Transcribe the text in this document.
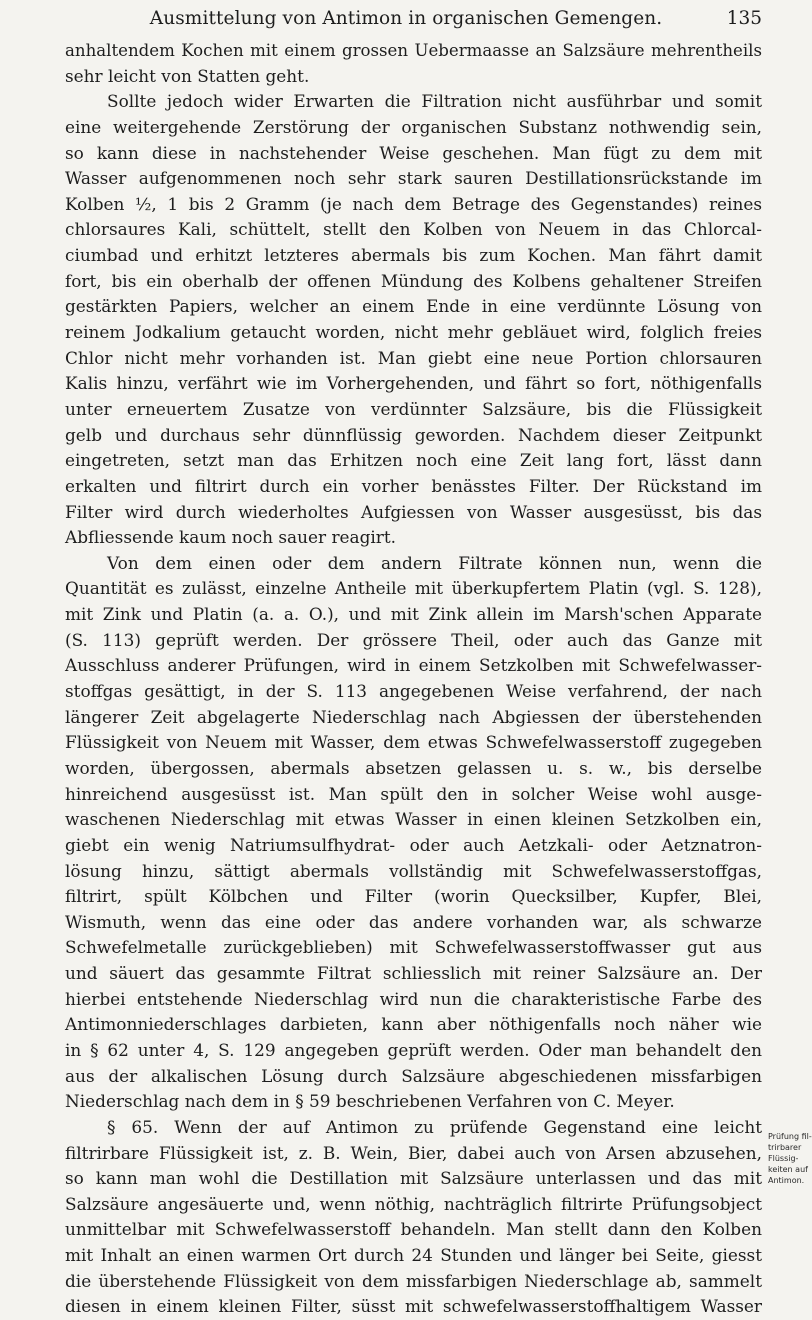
Ausmittelung von Antimon in organischen Gemengen.	135
anhaltendem Kochen mit einem grossen Uebermaasse an Salzsäure mehrentheils
sehr leicht von Statten geht.
Sollte jedoch wider Erwarten die Filtration nicht ausführbar und somit
eine weitergehende Zerstörung der organischen Substanz nothwendig sein,
so kann diese in nachstehender Weise geschehen. Man fügt zu dem mit
Wasser aufgenommenen noch sehr stark sauren Destillationsrückstande im
Kolben ½, 1 bis 2 Gramm (je nach dem Betrage des Gegenstandes) reines
chlorsaures Kali, schüttelt, stellt den Kolben von Neuem in das Chlorcal-
ciumbad und erhitzt letzteres abermals bis zum Kochen. Man fährt damit
fort, bis ein oberhalb der offenen Mündung des Kolbens gehaltener Streifen
gestärkten Papiers, welcher an einem Ende in eine verdünnte Lösung von
reinem Jodkalium getaucht worden, nicht mehr gebläuet wird, folglich freies
Chlor nicht mehr vorhanden ist. Man giebt eine neue Portion chlorsauren
Kalis hinzu, verfährt wie im Vorhergehenden, und fährt so fort, nöthigenfalls
unter erneuertem Zusatze von verdünnter Salzsäure, bis die Flüssigkeit
gelb und durchaus sehr dünnflüssig geworden. Nachdem dieser Zeitpunkt
eingetreten, setzt man das Erhitzen noch eine Zeit lang fort, lässt dann
erkalten und filtrirt durch ein vorher benässtes Filter. Der Rückstand im
Filter wird durch wiederholtes Aufgiessen von Wasser ausgesüsst, bis das
Abfliessende kaum noch sauer reagirt.
Von dem einen oder dem andern Filtrate können nun, wenn die
Quantität es zulässt, einzelne Antheile mit überkupfertem Platin (vgl. S. 128),
mit Zink und Platin (a. a. O.), und mit Zink allein im Marsh'schen Apparate
(S. 113) geprüft werden. Der grössere Theil, oder auch das Ganze mit
Ausschluss anderer Prüfungen, wird in einem Setzkolben mit Schwefelwasser-
stoffgas gesättigt, in der S. 113 angegebenen Weise verfahrend, der nach
längerer Zeit abgelagerte Niederschlag nach Abgiessen der überstehenden
Flüssigkeit von Neuem mit Wasser, dem etwas Schwefelwasserstoff zugegeben
worden, übergossen, abermals absetzen gelassen u. s. w., bis derselbe
hinreichend ausgesüsst ist. Man spült den in solcher Weise wohl ausge-
waschenen Niederschlag mit etwas Wasser in einen kleinen Setzkolben ein,
giebt ein wenig Natriumsulfhydrat- oder auch Aetzkali- oder Aetznatron-
lösung hinzu, sättigt abermals vollständig mit Schwefelwasserstoffgas,
filtrirt, spült Kölbchen und Filter (worin Quecksilber, Kupfer, Blei,
Wismuth, wenn das eine oder das andere vorhanden war, als schwarze
Schwefelmetalle zurückgeblieben) mit Schwefelwasserstoffwasser gut aus
und säuert das gesammte Filtrat schliesslich mit reiner Salzsäure an. Der
hierbei entstehende Niederschlag wird nun die charakteristische Farbe des
Antimonniederschlages darbieten, kann aber nöthigenfalls noch näher wie
in § 62 unter 4, S. 129 angegeben geprüft werden. Oder man behandelt den
aus der alkalischen Lösung durch Salzsäure abgeschiedenen missfarbigen
Niederschlag nach dem in § 59 beschriebenen Verfahren von C. Meyer.
§ 65. Wenn der auf Antimon zu prüfende Gegenstand eine leicht
filtrirbare Flüssigkeit ist, z. B. Wein, Bier, dabei auch von Arsen abzusehen,
so kann man wohl die Destillation mit Salzsäure unterlassen und das mit
Salzsäure angesäuerte und, wenn nöthig, nachträglich filtrirte Prüfungsobject
unmittelbar mit Schwefelwasserstoff behandeln. Man stellt dann den Kolben
mit Inhalt an einen warmen Ort durch 24 Stunden und länger bei Seite, giesst
die überstehende Flüssigkeit von dem missfarbigen Niederschlage ab, sammelt
diesen in einem kleinen Filter, süsst mit schwefelwasserstoffhaltigem Wasser
Prüfung fil-
trirbarer
Flüssig-
keiten auf
Antimon.
